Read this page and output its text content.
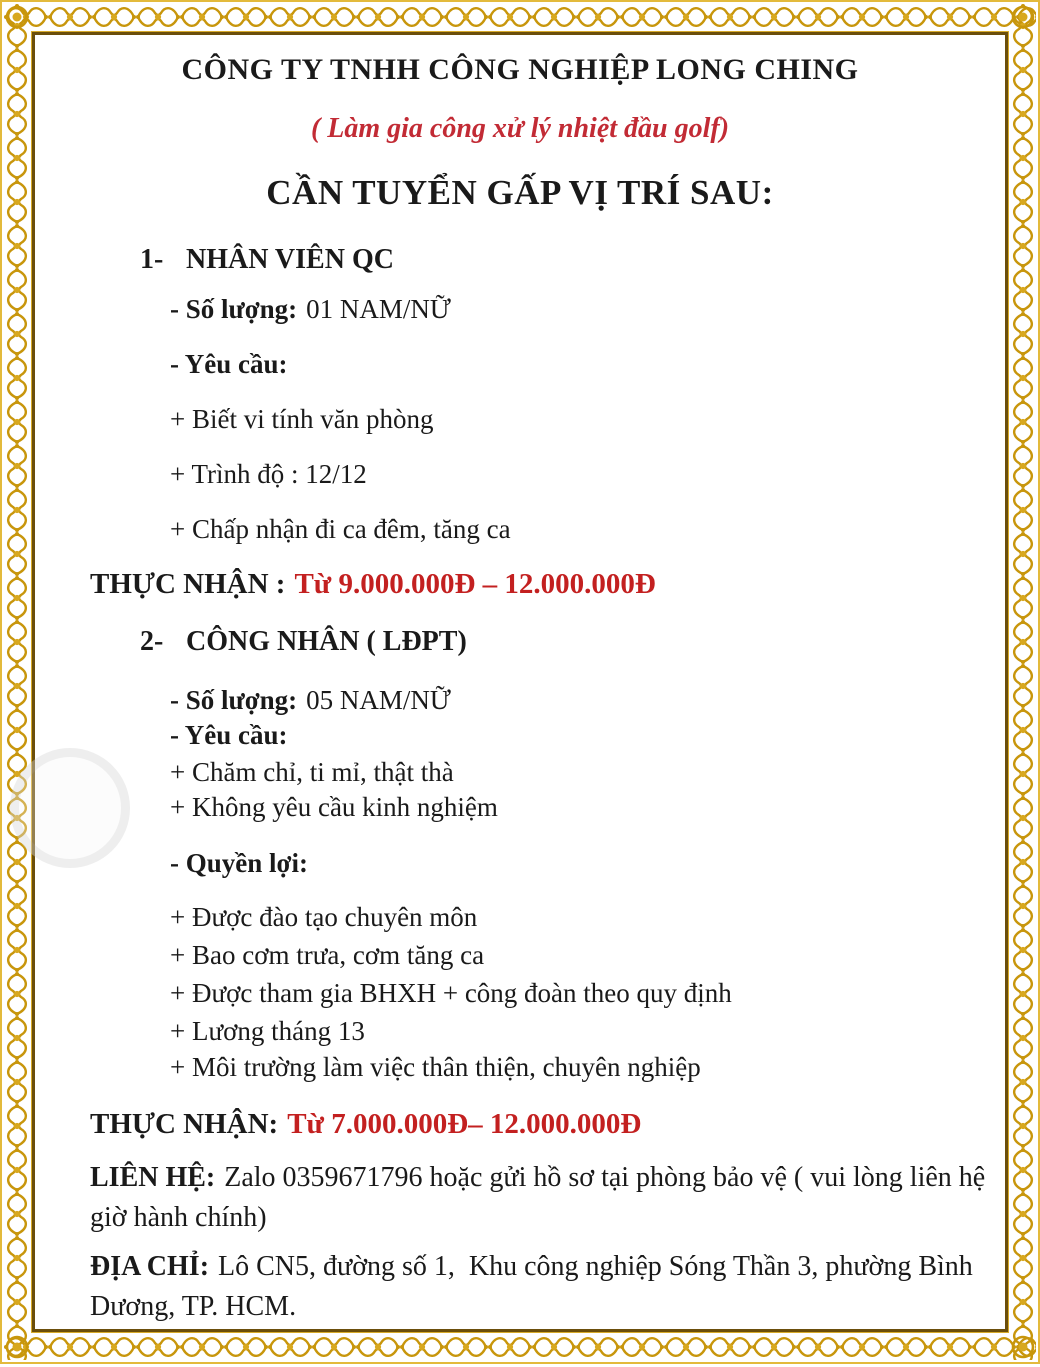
CÔNG TY TNHH CÔNG NGHIỆP LONG CHING

( Làm gia công xử lý nhiệt đầu golf)

CẦN TUYỂN GẤP VỊ TRÍ SAU:

1- NHÂN VIÊN QC

- Số lượng: 01 NAM/NỮ

- Yêu cầu:

+ Biết vi tính văn phòng

+ Trình độ : 12/12

+ Chấp nhận đi ca đêm, tăng ca

THỰC NHẬN : Từ 9.000.000Đ – 12.000.000Đ

2- CÔNG NHÂN ( LĐPT)

- Số lượng: 05 NAM/NỮ

- Yêu cầu:

+ Chăm chỉ, ti mỉ, thật thà

+ Không yêu cầu kinh nghiệm

- Quyền lợi:

+ Được đào tạo chuyên môn

+ Bao cơm trưa, cơm tăng ca

+ Được tham gia BHXH + công đoàn theo quy định

+ Lương tháng 13

+ Môi trường làm việc thân thiện, chuyên nghiệp

THỰC NHẬN: Từ 7.000.000Đ– 12.000.000Đ

LIÊN HỆ: Zalo 0359671796 hoặc gửi hồ sơ tại phòng bảo vệ ( vui lòng liên hệ giờ hành chính)

ĐỊA CHỈ: Lô CN5, đường số 1,  Khu công nghiệp Sóng Thần 3, phường Bình Dương, TP. HCM.
